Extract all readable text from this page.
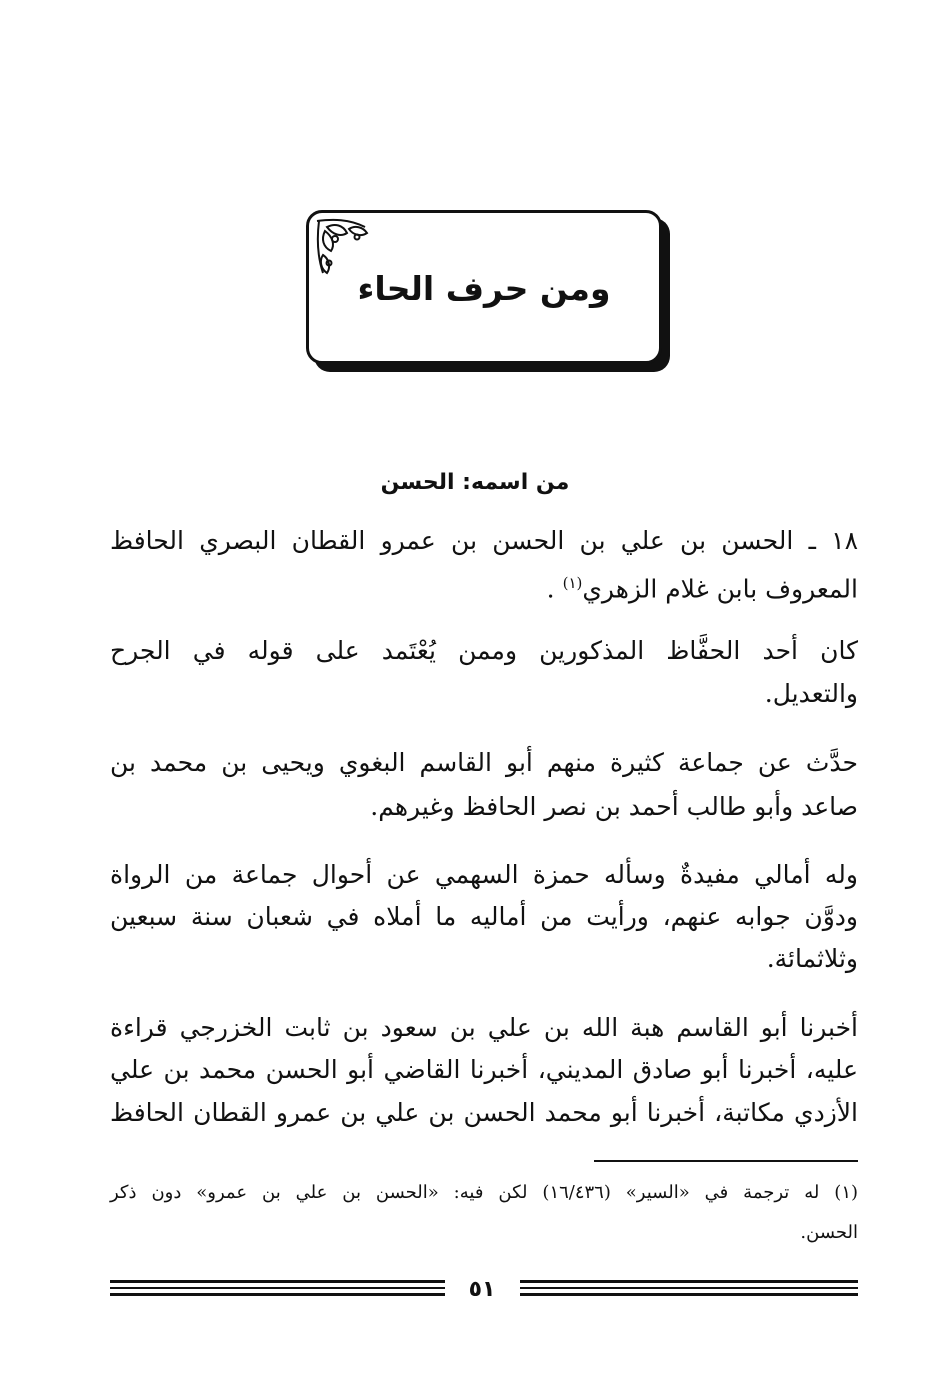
ومن حرف الحاء
من اسمه: الحسن
١٨ ـ الحسن بن علي بن الحسن بن عمرو القطان البصري الحافظ
المعروف بابن غلام الزهري$^{(١)}$ .
كان أحد الحفَّاظ المذكورين وممن يُعْتَمد على قوله في الجرح
والتعديل.
حدَّث عن جماعة كثيرة منهم أبو القاسم البغوي ويحيى بن محمد بن
صاعد وأبو طالب أحمد بن نصر الحافظ وغيرهم.
وله أمالي مفيدةٌ وسأله حمزة السهمي عن أحوال جماعة من الرواة
ودوَّن جوابه عنهم، ورأيت من أماليه ما أملاه في شعبان سنة سبعين
وثلاثمائة.
أخبرنا أبو القاسم هبة الله بن علي بن سعود بن ثابت الخزرجي قراءة
عليه، أخبرنا أبو صادق المديني، أخبرنا القاضي أبو الحسن محمد بن علي
الأزدي مكاتبة، أخبرنا أبو محمد الحسن بن علي بن عمرو القطان الحافظ
(١) له ترجمة في «السير» (١٦/٤٣٦) لكن فيه: «الحسن بن علي بن عمرو» دون ذكر
الحسن.
٥١
